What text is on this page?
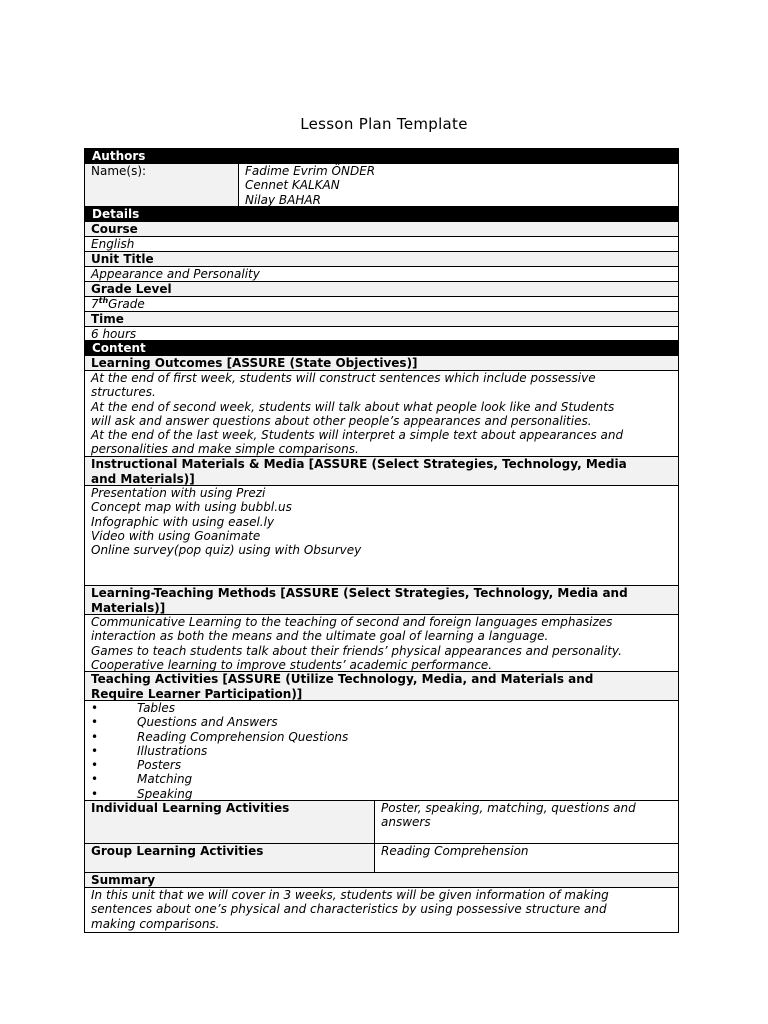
Lesson Plan Template
Authors
Name(s):	Fadime Evrim ÖNDER
Cennet KALKAN
Nilay BAHAR
Details
Course
English
Unit Title
Appearance and Personality
Grade Level
7thGrade
Time
6 hours
Content
Learning Outcomes [ASSURE (State Objectives)]
At the end of first week, students will construct sentences which include possessive
structures.
At the end of second week, students will talk about what people look like and Students
will ask and answer questions about other people’s appearances and personalities.
At the end of the last week, Students will interpret a simple text about appearances and
personalities and make simple comparisons.
Instructional Materials & Media [ASSURE (Select Strategies, Technology, Media
and Materials)]
Presentation with using Prezi
Concept map with using bubbl.us
Infographic with using easel.ly
Video with using Goanimate
Online survey(pop quiz) using with Obsurvey
Learning-Teaching Methods [ASSURE (Select Strategies, Technology, Media and
Materials)]
Communicative Learning to the teaching of second and foreign languages emphasizes
interaction as both the means and the ultimate goal of learning a language.
Games to teach students talk about their friends’ physical appearances and personality.
Cooperative learning to improve students’ academic performance.
Teaching Activities [ASSURE (Utilize Technology, Media, and Materials and
Require Learner Participation)]
•	Tables
•	Questions and Answers
•	Reading Comprehension Questions
•	Illustrations
•	Posters
•	Matching
•	Speaking
Individual Learning Activities	Poster, speaking, matching, questions and
answers
Group Learning Activities	Reading Comprehension
Summary
In this unit that we will cover in 3 weeks, students will be given information of making
sentences about one’s physical and characteristics by using possessive structure and
making comparisons.
